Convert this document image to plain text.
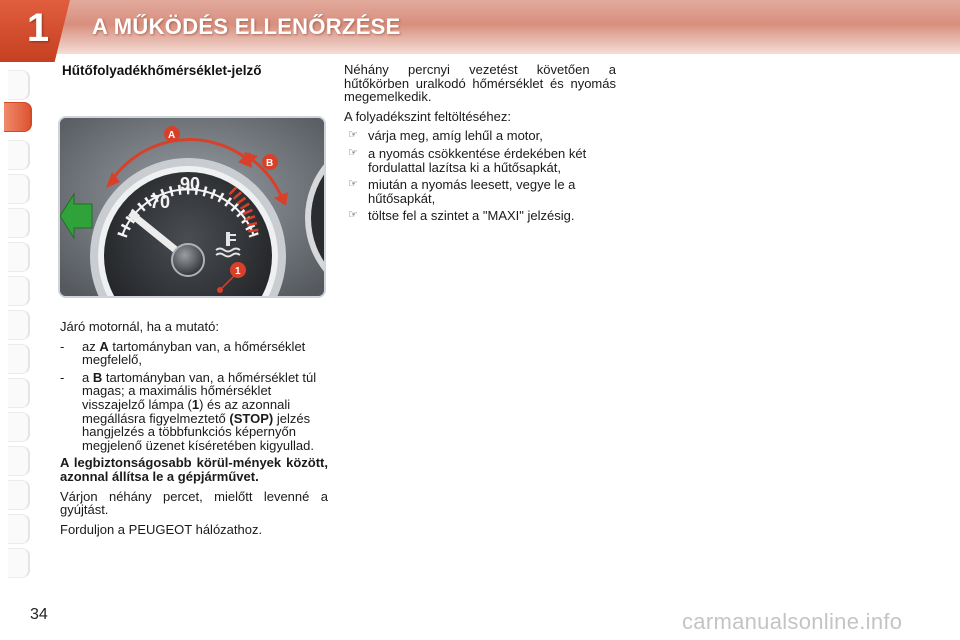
1	A MŰKÖDÉS ELLENŐRZÉSE
Hűtőfolyadékhőmérséklet-jelző
70
90
A
B
1
Járó motornál, ha a mutató:
-	az A tartományban van, a hőmérséklet megfelelő,
-	a B tartományban van, a hőmérséklet túl magas; a maximális hőmérséklet visszajelző lámpa (1) és az azonnali megállásra figyelmeztető (STOP) jelzés hangjelzés a többfunkciós képernyőn megjelenő üzenet kíséretében kigyullad.
A legbiztonságosabb körül-mények között, azonnal állítsa le a gépjárművet.
Várjon néhány percet, mielőtt levenné a gyújtást.
Forduljon a PEUGEOT hálózathoz.
Néhány percnyi vezetést követően a hűtőkörben uralkodó hőmérséklet és nyomás megemelkedik.
A folyadékszint feltöltéséhez:
☞ várja meg, amíg lehűl a motor,
☞ a nyomás csökkentése érdekében két fordulattal lazítsa ki a hűtősapkát,
☞ miután a nyomás leesett, vegye le a hűtősapkát,
☞ töltse fel a szintet a "MAXI" jelzésig.
34	carmanualsonline.info
